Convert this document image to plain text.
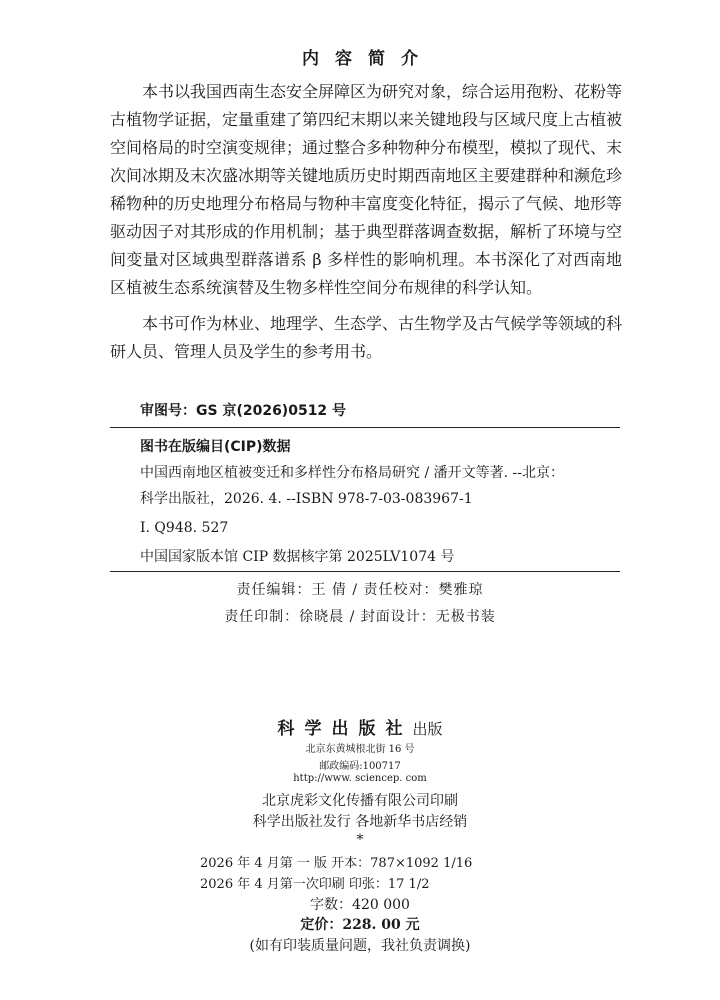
内容简介
本书以我国西南生态安全屏障区为研究对象，综合运用孢粉、花粉等
古植物学证据，定量重建了第四纪末期以来关键地段与区域尺度上古植被
空间格局的时空演变规律；通过整合多种物种分布模型，模拟了现代、末
次间冰期及末次盛冰期等关键地质历史时期西南地区主要建群种和濒危珍
稀物种的历史地理分布格局与物种丰富度变化特征，揭示了气候、地形等
驱动因子对其形成的作用机制；基于典型群落调查数据，解析了环境与空
间变量对区域典型群落谱系 β 多样性的影响机理。本书深化了对西南地
区植被生态系统演替及生物多样性空间分布规律的科学认知。
本书可作为林业、地理学、生态学、古生物学及古气候学等领域的科
研人员、管理人员及学生的参考用书。
审图号：GS 京(2026)0512 号
图书在版编目(CIP)数据
中国西南地区植被变迁和多样性分布格局研究 / 潘开文等著. --北京：
科学出版社，2026. 4. --ISBN 978-7-03-083967-1
Ⅰ. Q948. 527
中国国家版本馆 CIP 数据核字第 2025LV1074 号
责任编辑：王 倩 / 责任校对：樊雅琼
责任印制：徐晓晨 / 封面设计：无极书装
科学出版社出版
北京东黄城根北街 16 号
邮政编码:100717
http://www. sciencep. com
北京虎彩文化传播有限公司印刷
科学出版社发行 各地新华书店经销
*
2026 年 4 月第 一 版 开本：787×1092 1/16
2026 年 4 月第一次印刷 印张：17 1/2
字数：420 000
定价：228. 00 元
(如有印装质量问题，我社负责调换)
